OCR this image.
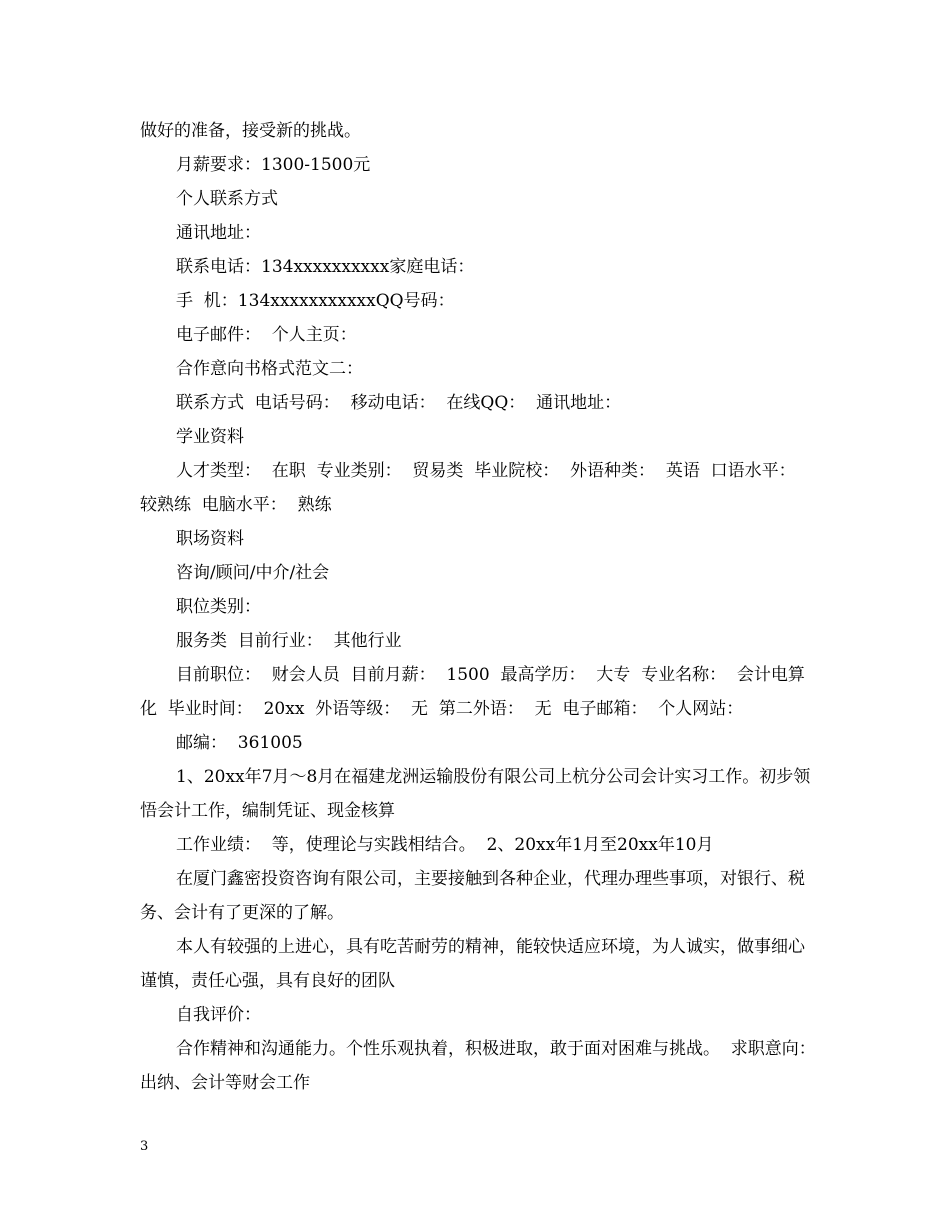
做好的准备，接受新的挑战。

月薪要求：1300-1500元

个人联系方式

通讯地址：

联系电话：134xxxxxxxxxx家庭电话：

手  机：134xxxxxxxxxxxQQ号码：

电子邮件：  个人主页：

合作意向书格式范文二：

联系方式  电话号码：  移动电话：  在线QQ：  通讯地址：

学业资料

人才类型：  在职  专业类别：  贸易类  毕业院校：  外语种类：  英语  口语水平：  较熟练  电脑水平：  熟练

职场资料

咨询/顾问/中介/社会

职位类别：

服务类  目前行业：  其他行业

目前职位：  财会人员  目前月薪：  1500  最高学历：  大专  专业名称：  会计电算化  毕业时间：  20xx  外语等级：  无  第二外语：  无  电子邮箱：  个人网站：

邮编：  361005

1、20xx年7月～8月在福建龙洲运输股份有限公司上杭分公司会计实习工作。初步领悟会计工作，编制凭证、现金核算

工作业绩：  等，使理论与实践相结合。  2、20xx年1月至20xx年10月

在厦门鑫密投资咨询有限公司，主要接触到各种企业，代理办理些事项，对银行、税务、会计有了更深的了解。

本人有较强的上进心，具有吃苦耐劳的精神，能较快适应环境，为人诚实，做事细心谨慎，责任心强，具有良好的团队

自我评价：

合作精神和沟通能力。个性乐观执着，积极进取，敢于面对困难与挑战。  求职意向：  出纳、会计等财会工作

3
